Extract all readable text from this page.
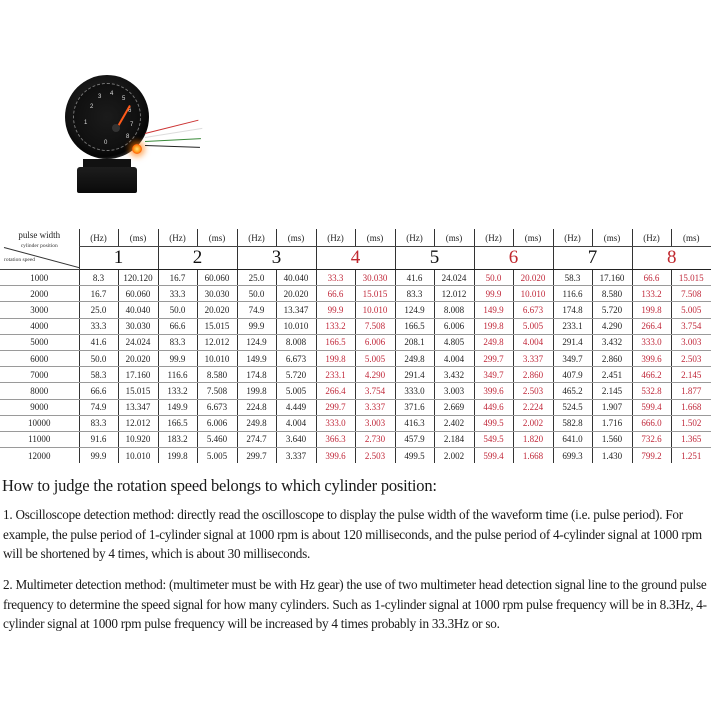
2
3 4
5
6
7
8
1
0
pulse width
cylinder position
rotation speed	(Hz)	(ms)	(Hz)	(ms)	(Hz)	(ms)	(Hz)	(ms)	(Hz)	(ms)	(Hz)	(ms)	(Hz)	(ms)	(Hz)	(ms)
	1		2		3		4		5		6		7		8	
1000	8.3	120.120	16.7	60.060	25.0	40.040	33.3	30.030	41.6	24.024	50.0	20.020	58.3	17.160	66.6	15.015
2000	16.7	60.060	33.3	30.030	50.0	20.020	66.6	15.015	83.3	12.012	99.9	10.010	116.6	8.580	133.2	7.508
3000	25.0	40.040	50.0	20.020	74.9	13.347	99.9	10.010	124.9	8.008	149.9	6.673	174.8	5.720	199.8	5.005
4000	33.3	30.030	66.6	15.015	99.9	10.010	133.2	7.508	166.5	6.006	199.8	5.005	233.1	4.290	266.4	3.754
5000	41.6	24.024	83.3	12.012	124.9	8.008	166.5	6.006	208.1	4.805	249.8	4.004	291.4	3.432	333.0	3.003
6000	50.0	20.020	99.9	10.010	149.9	6.673	199.8	5.005	249.8	4.004	299.7	3.337	349.7	2.860	399.6	2.503
7000	58.3	17.160	116.6	8.580	174.8	5.720	233.1	4.290	291.4	3.432	349.7	2.860	407.9	2.451	466.2	2.145
8000	66.6	15.015	133.2	7.508	199.8	5.005	266.4	3.754	333.0	3.003	399.6	2.503	465.2	2.145	532.8	1.877
9000	74.9	13.347	149.9	6.673	224.8	4.449	299.7	3.337	371.6	2.669	449.6	2.224	524.5	1.907	599.4	1.668
10000	83.3	12.012	166.5	6.006	249.8	4.004	333.0	3.003	416.3	2.402	499.5	2.002	582.8	1.716	666.0	1.502
11000	91.6	10.920	183.2	5.460	274.7	3.640	366.3	2.730	457.9	2.184	549.5	1.820	641.0	1.560	732.6	1.365
12000	99.9	10.010	199.8	5.005	299.7	3.337	399.6	2.503	499.5	2.002	599.4	1.668	699.3	1.430	799.2	1.251
How to judge the rotation speed belongs to which cylinder position:
1. Oscilloscope detection method: directly read the oscilloscope to display the pulse width of the waveform time (i.e. pulse period). For example, the pulse period of 1-cylinder signal at 1000 rpm is about 120 milliseconds, and the pulse period of 4-cylinder signal at 1000 rpm will be shortened by 4 times, which is about 30 milliseconds.
2. Multimeter detection method: (multimeter must be with Hz gear) the use of two multimeter head detection signal line to the ground pulse frequency to determine the speed signal for how many cylinders. Such as 1-cylinder signal at 1000 rpm pulse frequency will be in 8.3Hz, 4-cylinder signal at 1000 rpm pulse frequency will be increased by 4 times probably in 33.3Hz or so.
